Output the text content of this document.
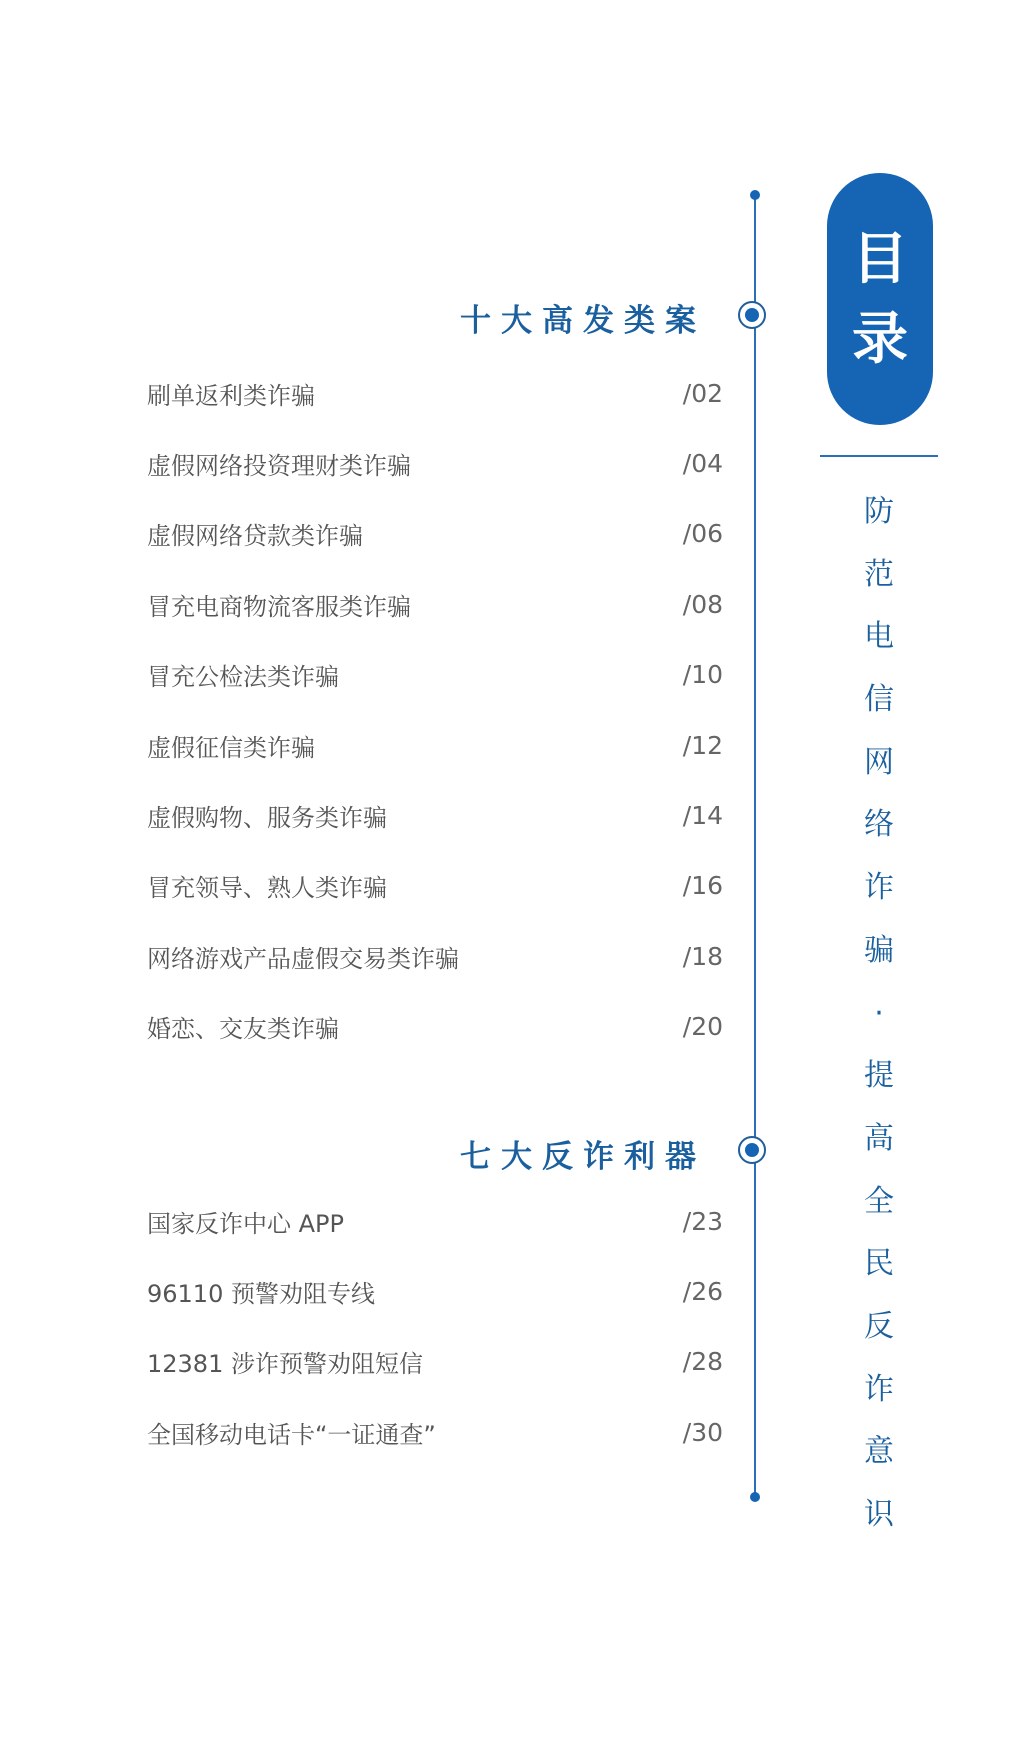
十大高发类案
七大反诈利器
刷单返利类诈骗	/02
虚假网络投资理财类诈骗	/04
虚假网络贷款类诈骗	/06
冒充电商物流客服类诈骗	/08
冒充公检法类诈骗	/10
虚假征信类诈骗	/12
虚假购物、服务类诈骗	/14
冒充领导、熟人类诈骗	/16
网络游戏产品虚假交易类诈骗	/18
婚恋、交友类诈骗	/20
国家反诈中心 APP	/23
96110 预警劝阻专线	/26
12381 涉诈预警劝阻短信	/28
全国移动电话卡“一证通查”	/30
目
录
防
范
电
信
网
络
诈
骗
·
提
高
全
民
反
诈
意
识
